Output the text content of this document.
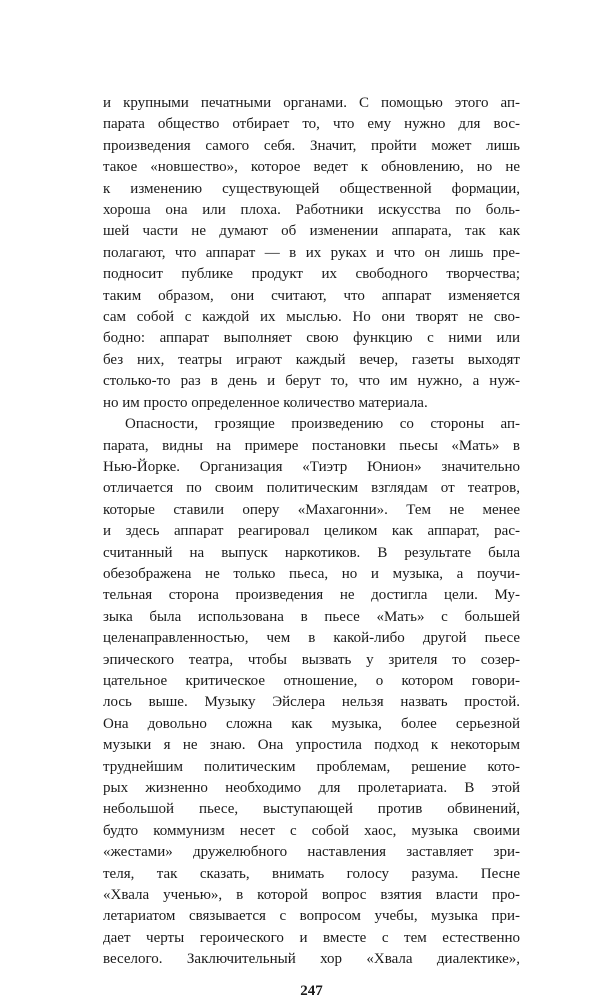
и крупными печатными органами. С помощью этого ап-
парата общество отбирает то, что ему нужно для вос-
произведения самого себя. Значит, пройти может лишь
такое «новшество», которое ведет к обновлению, но не
к изменению существующей общественной формации,
хороша она или плоха. Работники искусства по боль-
шей части не думают об изменении аппарата, так как
полагают, что аппарат — в их руках и что он лишь пре-
подносит публике продукт их свободного творчества;
таким образом, они считают, что аппарат изменяется
сам собой с каждой их мыслью. Но они творят не сво-
бодно: аппарат выполняет свою функцию с ними или
без них, театры играют каждый вечер, газеты выходят
столько-то раз в день и берут то, что им нужно, а нуж-
но им просто определенное количество материала.
Опасности, грозящие произведению со стороны ап-
парата, видны на примере постановки пьесы «Мать» в
Нью-Йорке. Организация «Тиэтр Юнион» значительно
отличается по своим политическим взглядам от театров,
которые ставили оперу «Махагонни». Тем не менее
и здесь аппарат реагировал целиком как аппарат, рас-
считанный на выпуск наркотиков. В результате была
обезображена не только пьеса, но и музыка, а поучи-
тельная сторона произведения не достигла цели. Му-
зыка была использована в пьесе «Мать» с большей
целенаправленностью, чем в какой-либо другой пьесе
эпического театра, чтобы вызвать у зрителя то созер-
цательное критическое отношение, о котором говори-
лось выше. Музыку Эйслера нельзя назвать простой.
Она довольно сложна как музыка, более серьезной
музыки я не знаю. Она упростила подход к некоторым
труднейшим политическим проблемам, решение кото-
рых жизненно необходимо для пролетариата. В этой
небольшой пьесе, выступающей против обвинений,
будто коммунизм несет с собой хаос, музыка своими
«жестами» дружелюбного наставления заставляет зри-
теля, так сказать, внимать голосу разума. Песне
«Хвала ученью», в которой вопрос взятия власти про-
летариатом связывается с вопросом учебы, музыка при-
дает черты героического и вместе с тем естественно
веселого. Заключительный хор «Хвала диалектике»,
247
